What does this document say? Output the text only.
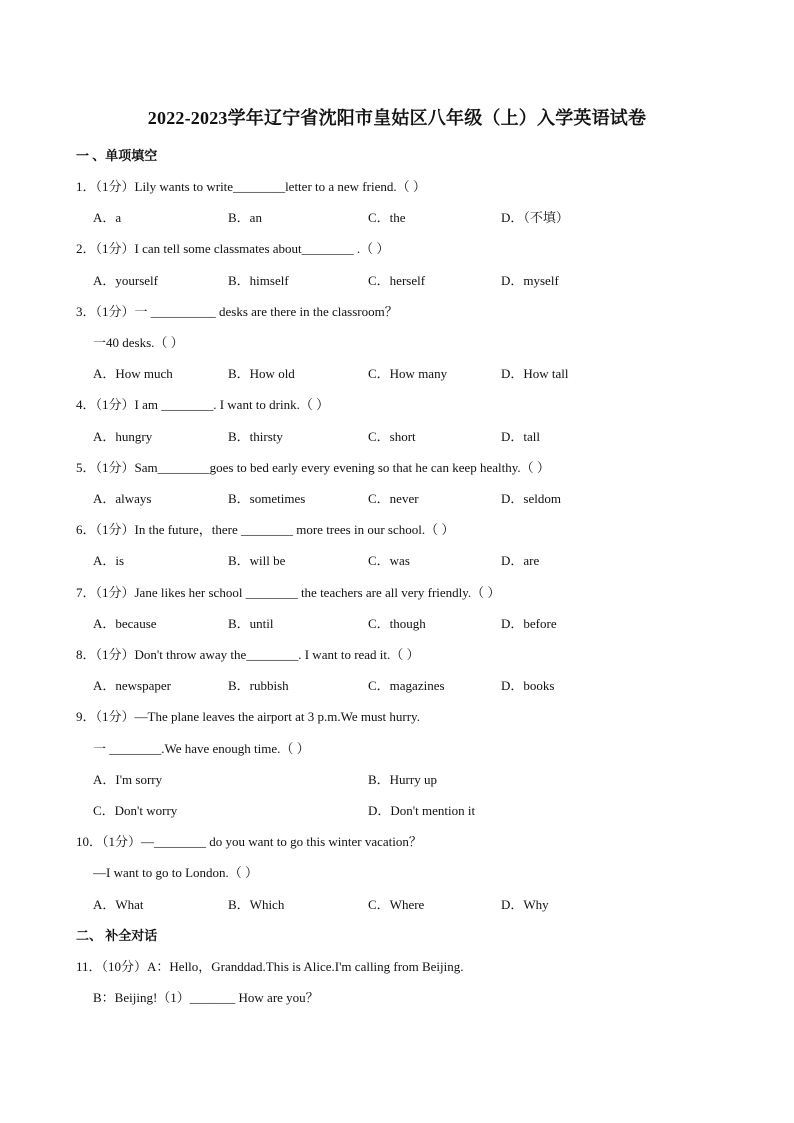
2022-2023学年辽宁省沈阳市皇姑区八年级（上）入学英语试卷
一 、单项填空
1．（1分）Lily wants to write________letter to a new friend.（ ）
A．a	B．an	C．the	D．（不填）
2．（1分）I can tell some classmates about________ .（ ）
A．yourself	B．himself	C．herself	D．myself
3．（1分）一 __________ desks are there in the classroom？
一40 desks.（ ）
A．How much	B．How old	C．How many	D．How tall
4．（1分）I am ________. I want to drink.（ ）
A．hungry	B．thirsty	C．short	D．tall
5．（1分）Sam________goes to bed early every evening so that he can keep healthy.（ ）
A．always	B．sometimes	C．never	D．seldom
6．（1分）In the future，there ________ more trees in our school.（ ）
A．is	B．will be	C．was	D．are
7．（1分）Jane likes her school ________ the teachers are all very friendly.（ ）
A．because	B．until	C．though	D．before
8．（1分）Don't throw away the________. I want to read it.（ ）
A．newspaper	B．rubbish	C．magazines	D．books
9．（1分）—The plane leaves the airport at 3 p.m.We must hurry.
一 ________.We have enough time.（ ）
A．I'm sorry	B．Hurry up
C．Don't worry	D．Don't mention it
10．（1分）—________ do you want to go this winter vacation？
—I want to go to London.（ ）
A．What	B．Which	C．Where	D．Why
二、 补全对话
11．（10分）A：Hello，Granddad.This is Alice.I'm calling from Beijing.
B：Beijing!（1）_______ How are you？
